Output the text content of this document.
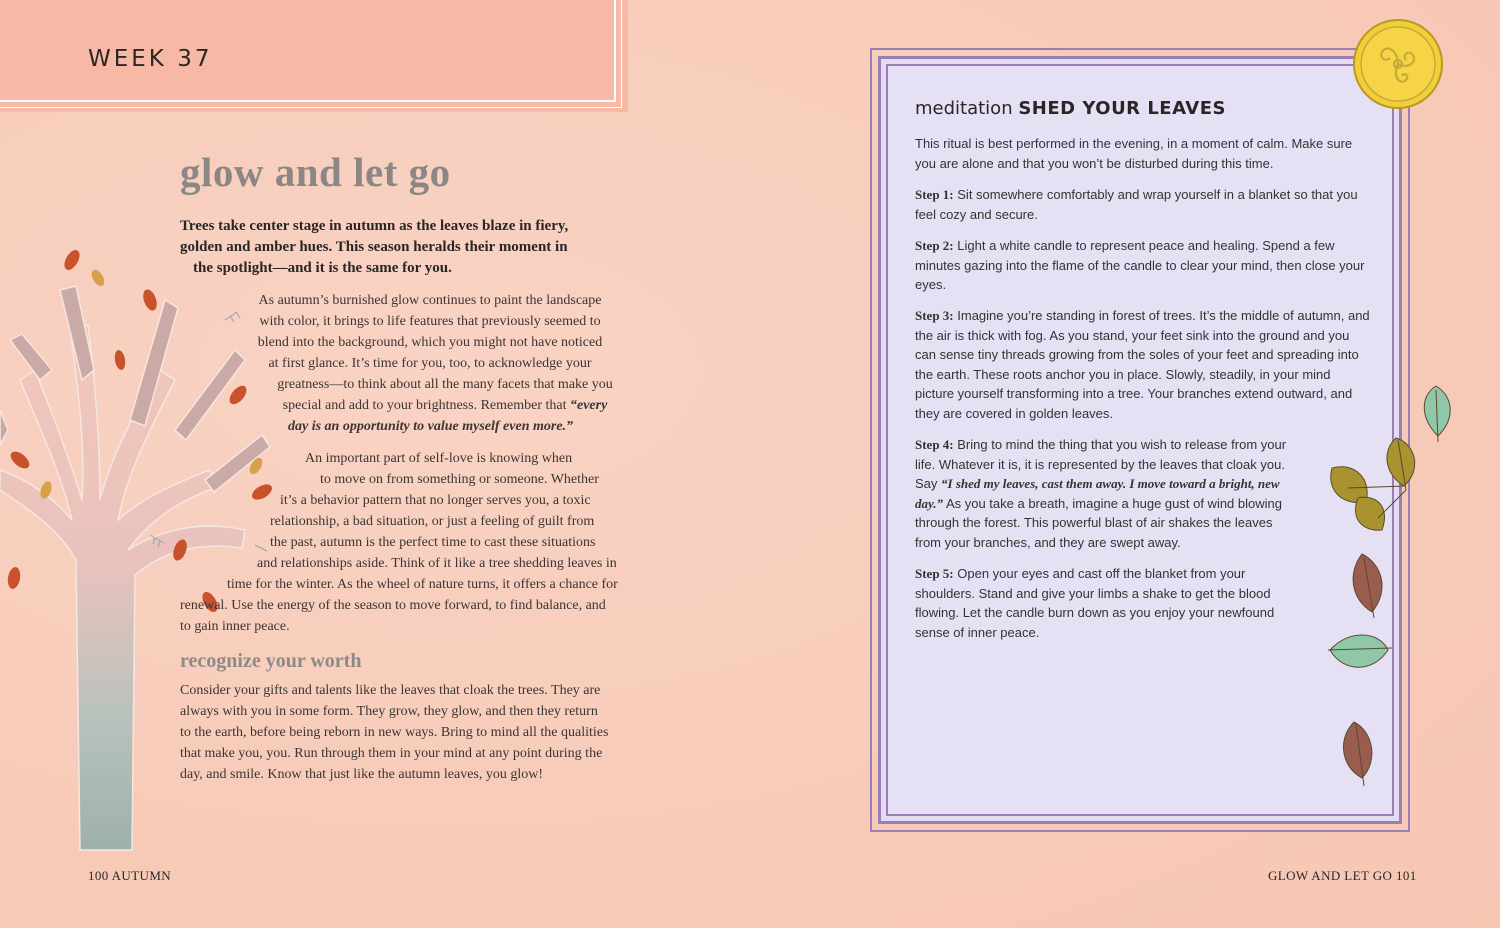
WEEK 37
glow and let go
Trees take center stage in autumn as the leaves blaze in fiery,
golden and amber hues. This season heralds their moment in
the spotlight—and it is the same for you.
As autumn’s burnished glow continues to paint the landscape
with color, it brings to life features that previously seemed to
blend into the background, which you might not have noticed
at first glance. It’s time for you, too, to acknowledge your
greatness—to think about all the many facets that make you
special and add to your brightness. Remember that “every
day is an opportunity to value myself even more.”
An important part of self-love is knowing when
to move on from something or someone. Whether
it’s a behavior pattern that no longer serves you, a toxic
relationship, a bad situation, or just a feeling of guilt from
the past, autumn is the perfect time to cast these situations
and relationships aside. Think of it like a tree shedding leaves in
time for the winter. As the wheel of nature turns, it offers a chance for
renewal. Use the energy of the season to move forward, to find balance, and
to gain inner peace.
recognize your worth
Consider your gifts and talents like the leaves that cloak the trees. They are
always with you in some form. They grow, they glow, and then they return
to the earth, before being reborn in new ways. Bring to mind all the qualities
that make you, you. Run through them in your mind at any point during the
day, and smile. Know that just like the autumn leaves, you glow!
100 AUTUMN
meditation SHED YOUR LEAVES
This ritual is best performed in the evening, in a moment of calm. Make sure you are alone and that you won’t be disturbed during this time.
Step 1: Sit somewhere comfortably and wrap yourself in a blanket so that you feel cozy and secure.
Step 2: Light a white candle to represent peace and healing. Spend a few minutes gazing into the flame of the candle to clear your mind, then close your eyes.
Step 3: Imagine you’re standing in forest of trees. It’s the middle of autumn, and the air is thick with fog. As you stand, your feet sink into the ground and you can sense tiny threads growing from the soles of your feet and spreading into the earth. These roots anchor you in place. Slowly, steadily, in your mind picture yourself transforming into a tree. Your branches extend outward, and they are covered in golden leaves.
Step 4: Bring to mind the thing that you wish to release from your life. Whatever it is, it is represented by the leaves that cloak you. Say “I shed my leaves, cast them away. I move toward a bright, new day.” As you take a breath, imagine a huge gust of wind blowing through the forest. This powerful blast of air shakes the leaves from your branches, and they are swept away.
Step 5: Open your eyes and cast off the blanket from your shoulders. Stand and give your limbs a shake to get the blood flowing. Let the candle burn down as you enjoy your newfound sense of inner peace.
GLOW AND LET GO 101
